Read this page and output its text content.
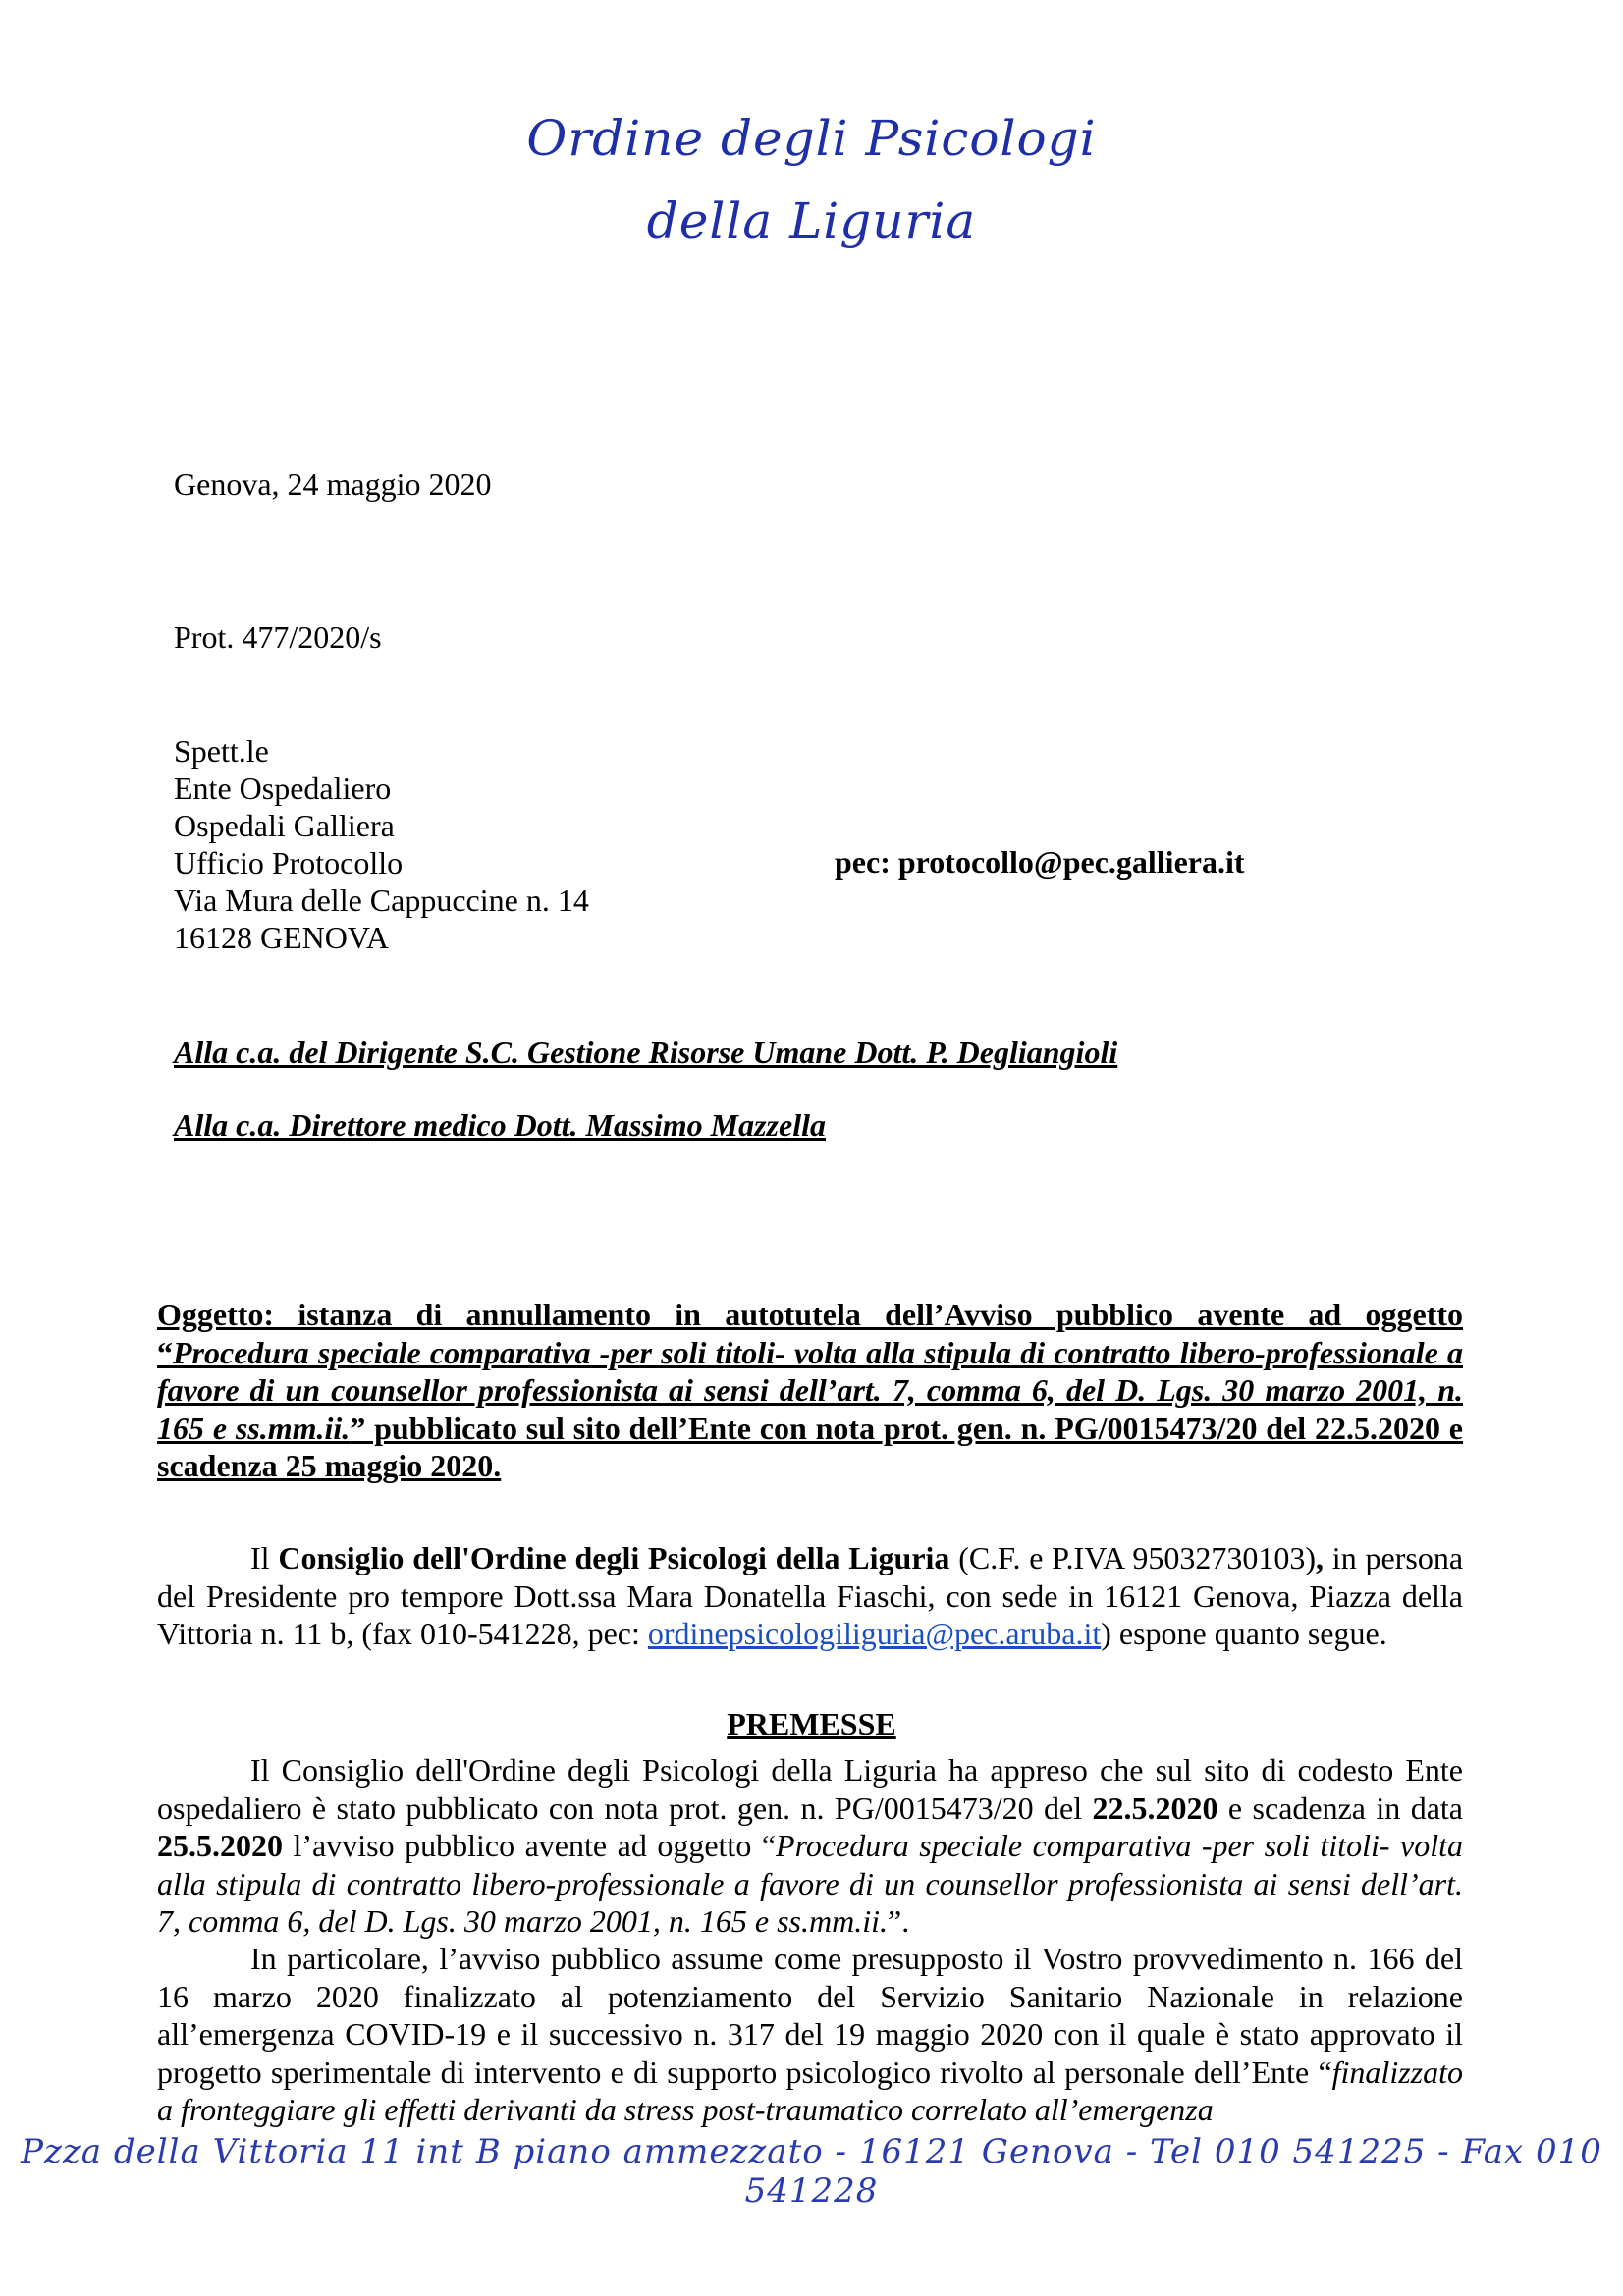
Ordine degli Psicologi
della Liguria
Genova, 24 maggio 2020
Prot. 477/2020/s
Spett.le
Ente Ospedaliero
Ospedali Galliera
Ufficio Protocollo
Via Mura delle Cappuccine n. 14
16128 GENOVA
pec: protocollo@pec.galliera.it
Alla c.a. del Dirigente S.C. Gestione Risorse Umane Dott. P. Degliangioli
Alla c.a. Direttore medico Dott. Massimo Mazzella
Oggetto: istanza di annullamento in autotutela dell’Avviso pubblico avente ad oggetto “Procedura speciale comparativa -per soli titoli- volta alla stipula di contratto libero-professionale a favore di un counsellor professionista ai sensi dell’art. 7, comma 6, del D. Lgs. 30 marzo 2001, n. 165 e ss.mm.ii.” pubblicato sul sito dell’Ente con nota prot. gen. n. PG/0015473/20 del 22.5.2020 e scadenza 25 maggio 2020.
Il Consiglio dell'Ordine degli Psicologi della Liguria (C.F. e P.IVA 95032730103), in persona del Presidente pro tempore Dott.ssa Mara Donatella Fiaschi, con sede in 16121 Genova, Piazza della Vittoria n. 11 b, (fax 010-541228, pec: ordinepsicologiliguria@pec.aruba.it) espone quanto segue.
PREMESSE
Il Consiglio dell'Ordine degli Psicologi della Liguria ha appreso che sul sito di codesto Ente ospedaliero è stato pubblicato con nota prot. gen. n. PG/0015473/20 del 22.5.2020 e scadenza in data 25.5.2020 l’avviso pubblico avente ad oggetto “Procedura speciale comparativa -per soli titoli- volta alla stipula di contratto libero-professionale a favore di un counsellor professionista ai sensi dell’art. 7, comma 6, del D. Lgs. 30 marzo 2001, n. 165 e ss.mm.ii.”.
In particolare, l’avviso pubblico assume come presupposto il Vostro provvedimento n. 166 del 16 marzo 2020 finalizzato al potenziamento del Servizio Sanitario Nazionale in relazione all’emergenza COVID-19 e il successivo n. 317 del 19 maggio 2020 con il quale è stato approvato il progetto sperimentale di intervento e di supporto psicologico rivolto al personale dell’Ente “finalizzato a fronteggiare gli effetti derivanti da stress post-traumatico correlato all’emergenza
Pzza della Vittoria 11 int B piano ammezzato - 16121 Genova - Tel 010 541225 - Fax 010 541228
